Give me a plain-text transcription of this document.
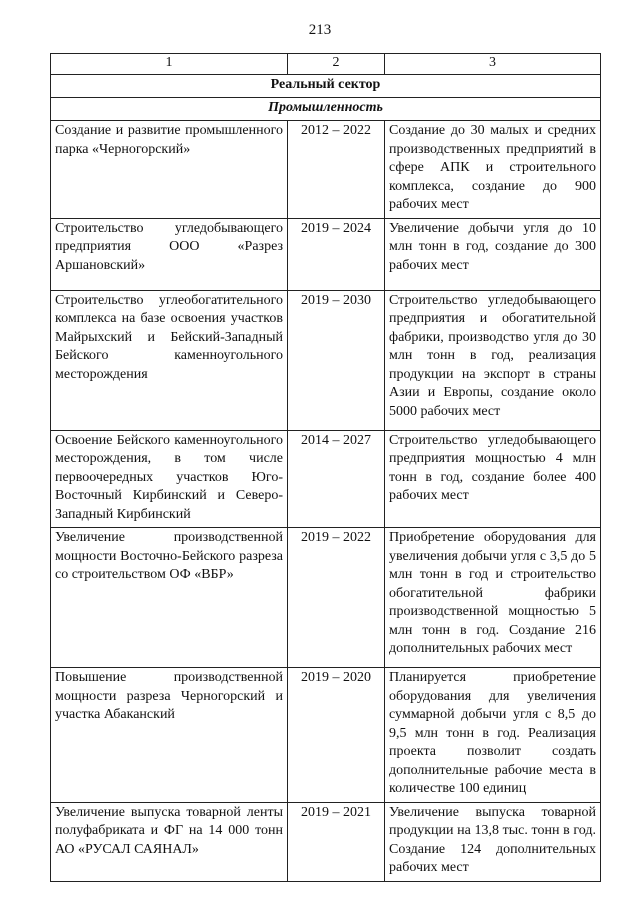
213
1	2	3
Реальный сектор		
Промышленность		
Создание и развитие промышленного парка «Черногорский»	2012 – 2022	Создание до 30 малых и средних производственных предприятий в сфере АПК и строительного комплекса, создание до 900 рабочих мест
Строительство угледобывающего предприятия ООО «Разрез Аршановский»	2019 – 2024	Увеличение добычи угля до 10 млн тонн в год, создание до 300 рабочих мест
Строительство углеобогатительного комплекса на базе освоения участков Майрыхский и Бейский-Западный Бейского каменноугольного месторождения	2019 – 2030	Строительство угледобывающего предприятия и обогатительной фабрики, производство угля до 30 млн тонн в год, реализация продукции на экспорт в страны Азии и Европы, создание около 5000 рабочих мест
Освоение Бейского каменноугольного месторождения, в том числе первоочередных участков Юго-Восточный Кирбинский и Северо-Западный Кирбинский	2014 – 2027	Строительство угледобывающего предприятия мощностью 4 млн тонн в год, создание более 400 рабочих мест
Увеличение производственной мощности Восточно-Бейского разреза со строительством ОФ «ВБР»	2019 – 2022	Приобретение оборудования для увеличения добычи угля с 3,5 до 5 млн тонн в год и строительство обогатительной фабрики производственной мощностью 5 млн тонн в год. Создание 216 дополнительных рабочих мест
Повышение производственной мощности разреза Черногорский и участка Абаканский	2019 – 2020	Планируется приобретение оборудования для увеличения суммарной добычи угля с 8,5 до 9,5 млн тонн в год. Реализация проекта позволит создать дополнительные рабочие места в количестве 100 единиц
Увеличение выпуска товарной ленты полуфабриката и ФГ на 14 000 тонн АО «РУСАЛ САЯНАЛ»	2019 – 2021	Увеличение выпуска товарной продукции на 13,8 тыс. тонн в год. Создание 124 дополнительных рабочих мест
